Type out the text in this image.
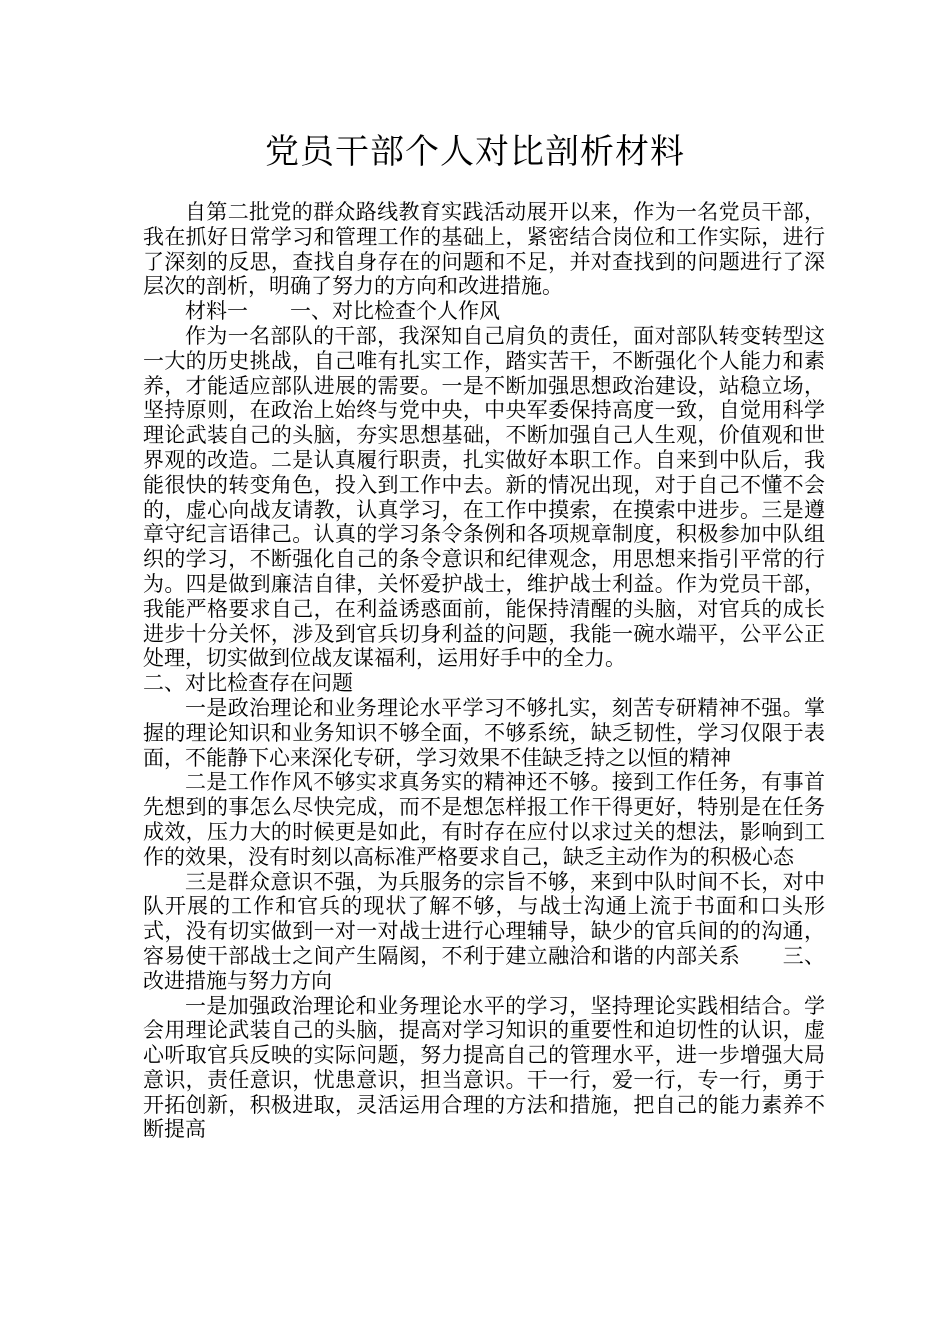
党员干部个人对比剖析材料

自第二批党的群众路线教育实践活动展开以来，作为一名党员干部，我在抓好日常学习和管理工作的基础上，紧密结合岗位和工作实际，进行了深刻的反思，查找自身存在的问题和不足，并对查找到的问题进行了深层次的剖析，明确了努力的方向和改进措施。

材料一　　一、对比检查个人作风

作为一名部队的干部，我深知自己肩负的责任，面对部队转变转型这一大的历史挑战，自己唯有扎实工作，踏实苦干，不断强化个人能力和素养，才能适应部队进展的需要。一是不断加强思想政治建设，站稳立场，坚持原则，在政治上始终与党中央，中央军委保持高度一致，自觉用科学理论武装自己的头脑，夯实思想基础，不断加强自己人生观，价值观和世界观的改造。二是认真履行职责，扎实做好本职工作。自来到中队后，我能很快的转变角色，投入到工作中去。新的情况出现，对于自己不懂不会的，虚心向战友请教，认真学习，在工作中摸索，在摸索中进步。三是遵章守纪言语律己。认真的学习条令条例和各项规章制度，积极参加中队组织的学习，不断强化自己的条令意识和纪律观念，用思想来指引平常的行为。四是做到廉洁自律，关怀爱护战士，维护战士利益。作为党员干部，我能严格要求自己，在利益诱惑面前，能保持清醒的头脑，对官兵的成长进步十分关怀，涉及到官兵切身利益的问题，我能一碗水端平，公平公正处理，切实做到位战友谋福利，运用好手中的全力。

二、对比检查存在问题

一是政治理论和业务理论水平学习不够扎实，刻苦专研精神不强。掌握的理论知识和业务知识不够全面，不够系统，缺乏韧性，学习仅限于表面，不能静下心来深化专研，学习效果不佳缺乏持之以恒的精神

二是工作作风不够实求真务实的精神还不够。接到工作任务，有事首先想到的事怎么尽快完成，而不是想怎样报工作干得更好，特别是在任务成效，压力大的时候更是如此，有时存在应付以求过关的想法，影响到工作的效果，没有时刻以高标准严格要求自己，缺乏主动作为的积极心态

三是群众意识不强，为兵服务的宗旨不够，来到中队时间不长，对中队开展的工作和官兵的现状了解不够，与战士沟通上流于书面和口头形式，没有切实做到一对一对战士进行心理辅导，缺少的官兵间的的沟通，容易使干部战士之间产生隔阂，不利于建立融洽和谐的内部关系　　 三、改进措施与努力方向

一是加强政治理论和业务理论水平的学习，坚持理论实践相结合。学会用理论武装自己的头脑，提高对学习知识的重要性和迫切性的认识，虚心听取官兵反映的实际问题，努力提高自己的管理水平，进一步增强大局意识，责任意识，忧患意识，担当意识。干一行，爱一行，专一行，勇于开拓创新，积极进取，灵活运用合理的方法和措施，把自己的能力素养不断提高
